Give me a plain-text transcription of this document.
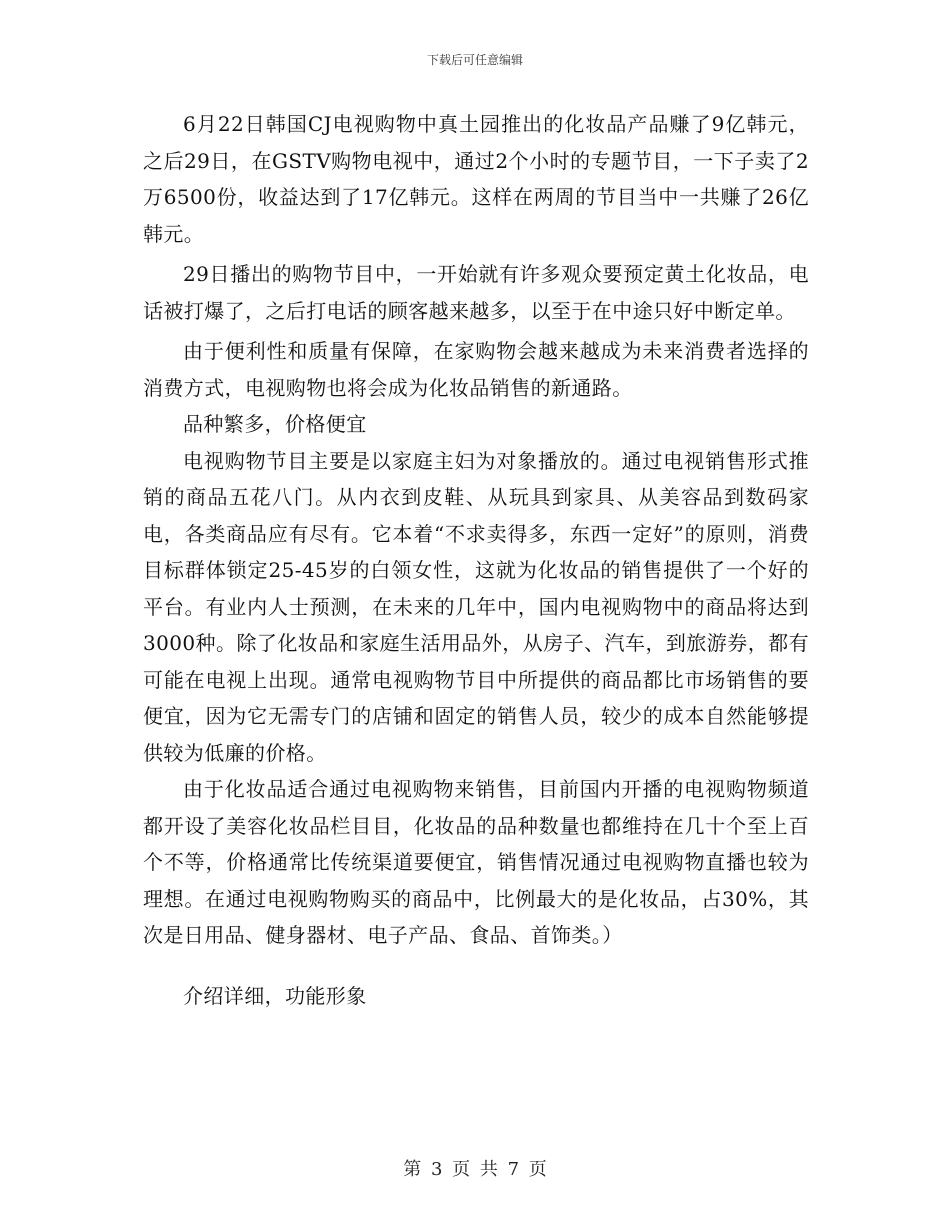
下载后可任意编辑

6月22日韩国CJ电视购物中真土园推出的化妆品产品赚了9亿韩元，之后29日，在GSTV购物电视中，通过2个小时的专题节目，一下子卖了2万6500份，收益达到了17亿韩元。这样在两周的节目当中一共赚了26亿韩元。

29日播出的购物节目中，一开始就有许多观众要预定黄土化妆品，电话被打爆了，之后打电话的顾客越来越多，以至于在中途只好中断定单。

由于便利性和质量有保障，在家购物会越来越成为未来消费者选择的消费方式，电视购物也将会成为化妆品销售的新通路。

品种繁多，价格便宜

电视购物节目主要是以家庭主妇为对象播放的。通过电视销售形式推销的商品五花八门。从内衣到皮鞋、从玩具到家具、从美容品到数码家电，各类商品应有尽有。它本着“不求卖得多，东西一定好”的原则，消费目标群体锁定25-45岁的白领女性，这就为化妆品的销售提供了一个好的平台。有业内人士预测，在未来的几年中，国内电视购物中的商品将达到3000种。除了化妆品和家庭生活用品外，从房子、汽车，到旅游券，都有可能在电视上出现。通常电视购物节目中所提供的商品都比市场销售的要便宜，因为它无需专门的店铺和固定的销售人员，较少的成本自然能够提供较为低廉的价格。

由于化妆品适合通过电视购物来销售，目前国内开播的电视购物频道都开设了美容化妆品栏目目，化妆品的品种数量也都维持在几十个至上百个不等，价格通常比传统渠道要便宜，销售情况通过电视购物直播也较为理想。在通过电视购物购买的商品中，比例最大的是化妆品，占30%，其次是日用品、健身器材、电子产品、食品、首饰类。）

介绍详细，功能形象

第 3 页 共 7 页
